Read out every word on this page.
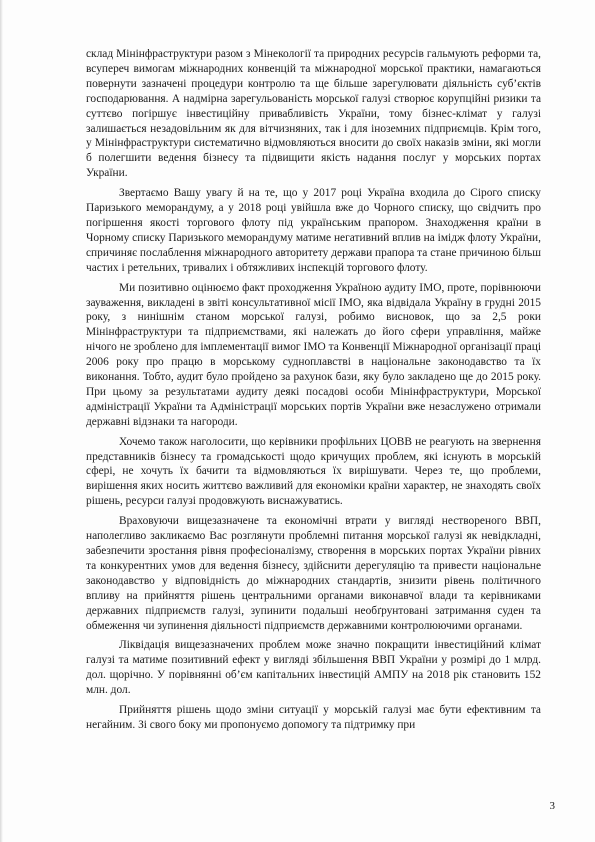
склад Мінінфраструктури разом з Мінекології та природних ресурсів гальмують реформи та, всупереч вимогам міжнародних конвенцій та міжнародної морської практики, намагаються повернути зазначені процедури контролю та ще більше зарегулювати діяльність суб’єктів господарювання. А надмірна зарегульованість морської галузі створює корупційні ризики та суттєво погіршує інвестиційну привабливість України, тому бізнес-клімат у галузі залишається незадовільним як для вітчизняних, так і для іноземних підприємців. Крім того, у Мінінфраструктури систематично відмовляються вносити до своїх наказів зміни, які могли б полегшити ведення бізнесу та підвищити якість надання послуг у морських портах України.

Звертаємо Вашу увагу й на те, що у 2017 році Україна входила до Сірого списку Паризького меморандуму, а у 2018 році увійшла вже до Чорного списку, що свідчить про погіршення якості торгового флоту під українським прапором. Знаходження країни в Чорному списку Паризького меморандуму матиме негативний вплив на імідж флоту України, спричиняє послаблення міжнародного авторитету держави прапора та стане причиною більш частих і ретельних, тривалих і обтяжливих інспекцій торгового флоту.

Ми позитивно оцінюємо факт проходження Україною аудиту ІМО, проте, порівнюючи зауваження, викладені в звіті консультативної місії ІМО, яка відвідала Україну в грудні 2015 року, з нинішнім станом морської галузі, робимо висновок, що за 2,5 роки Мінінфраструктури та підприємствами, які належать до його сфери управління, майже нічого не зроблено для імплементації вимог ІМО та Конвенції Міжнародної організації праці 2006 року про працю в морському судноплавстві в національне законодавство та їх виконання. Тобто, аудит було пройдено за рахунок бази, яку було закладено ще до 2015 року. При цьому за результатами аудиту деякі посадові особи Мінінфраструктури, Морської адміністрації України та Адміністрації морських портів України вже незаслужено отримали державні відзнаки та нагороди.

Хочемо також наголосити, що керівники профільних ЦОВВ не реагують на звернення представників бізнесу та громадськості щодо кричущих проблем, які існують в морській сфері, не хочуть їх бачити та відмовляються їх вирішувати. Через те, що проблеми, вирішення яких носить життєво важливий для економіки країни характер, не знаходять своїх рішень, ресурси галузі продовжують виснажуватись.

Враховуючи вищезазначене та економічні втрати у вигляді нествореного ВВП, наполегливо закликаємо Вас розглянути проблемні питання морської галузі як невідкладні, забезпечити зростання рівня професіоналізму, створення в морських портах України рівних та конкурентних умов для ведення бізнесу, здійснити дерегуляцію та привести національне законодавство у відповідність до міжнародних стандартів, знизити рівень політичного впливу на прийняття рішень центральними органами виконавчої влади та керівниками державних підприємств галузі, зупинити подальші необґрунтовані затримання суден та обмеження чи зупинення діяльності підприємств державними контролюючими органами.

Ліквідація вищезазначених проблем може значно покращити інвестиційний клімат галузі та матиме позитивний ефект у вигляді збільшення ВВП України у розмірі до 1 млрд. дол. щорічно. У порівнянні об’єм капітальних інвестицій АМПУ на 2018 рік становить 152 млн. дол.

Прийняття рішень щодо зміни ситуації у морській галузі має бути ефективним та негайним. Зі свого боку ми пропонуємо допомогу та підтримку при

3
